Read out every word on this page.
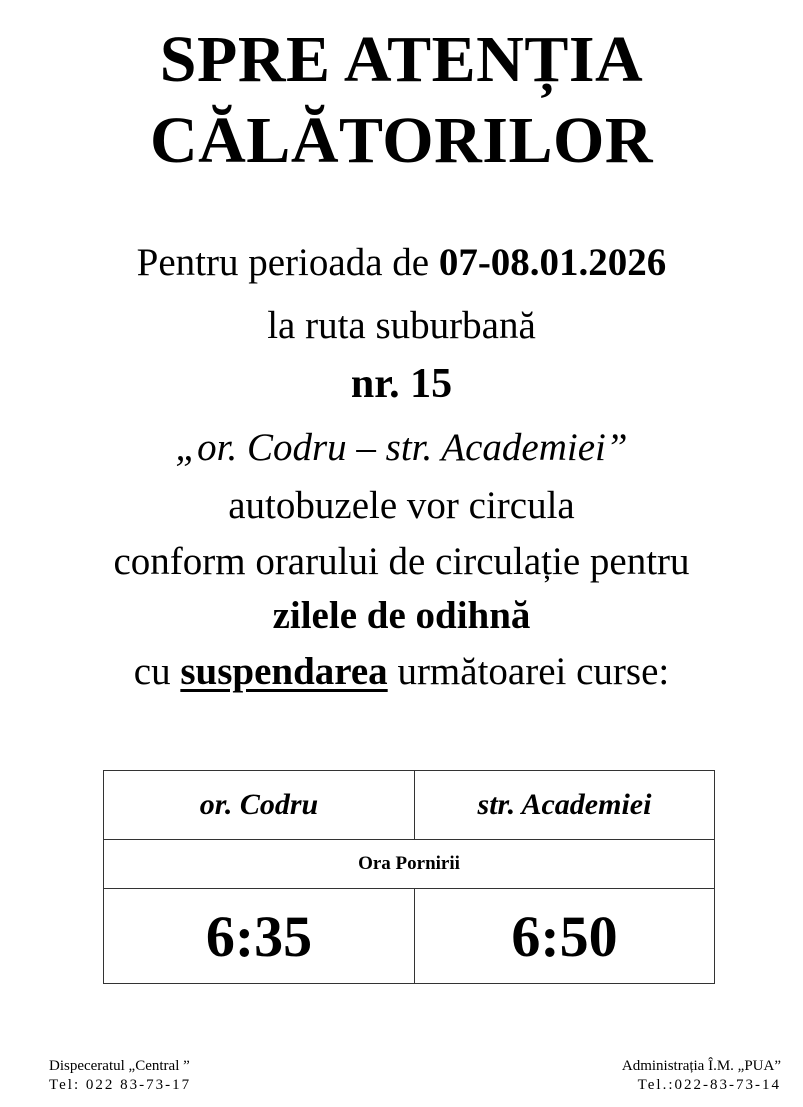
SPRE ATENȚIA
CĂLĂTORILOR
Pentru perioada de 07-08.01.2026
la ruta suburbană
nr. 15
„or. Codru – str. Academiei”
autobuzele vor circula
conform orarului de circulație pentru
zilele de odihnă
cu suspendarea următoarei curse:
or. Codru	str. Academiei
Ora Pornirii
6:35	6:50
Dispeceratul „Central ”
Tel: 022 83-73-17
Administrația Î.M. „PUA”
Tel.:022-83-73-14
